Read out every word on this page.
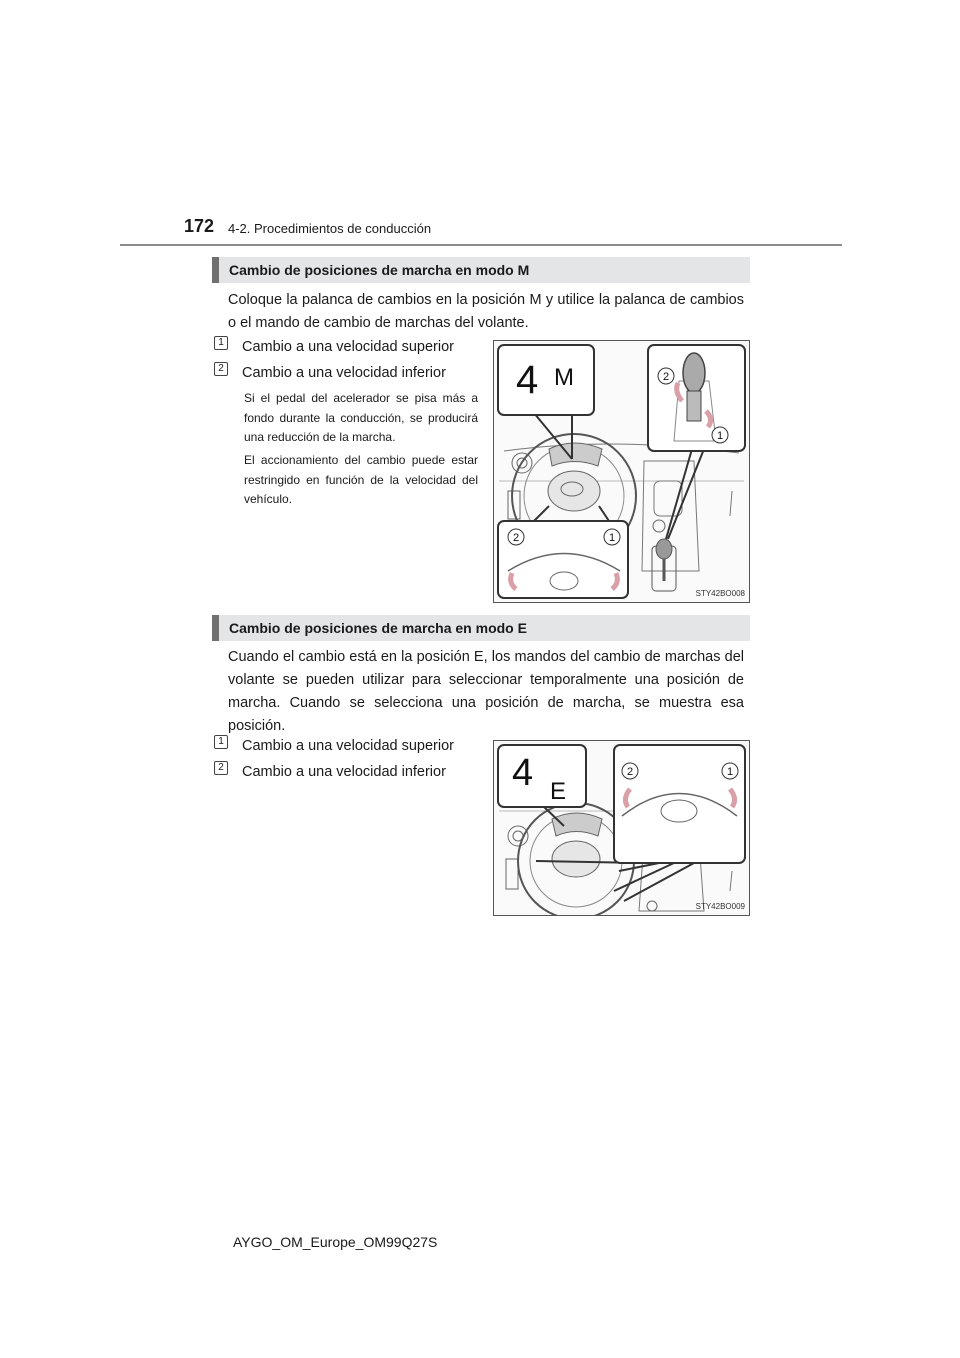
172 4-2. Procedimientos de conducción
Cambio de posiciones de marcha en modo M

Coloque la palanca de cambios en la posición M y utilice la palanca de cambios o el mando de cambio de marchas del volante.

1 Cambio a una velocidad superior
2 Cambio a una velocidad inferior

Si el pedal del acelerador se pisa más a fondo durante la conducción, se producirá una reducción de la marcha.

El accionamiento del cambio puede estar restringido en función de la velocidad del vehículo.

4 M	2
1
2	1
STY42BO008
Cambio de posiciones de marcha en modo E

Cuando el cambio está en la posición E, los mandos del cambio de marchas del volante se pueden utilizar para seleccionar temporalmente una posición de marcha. Cuando se selecciona una posición de marcha, se muestra esa posición.

1 Cambio a una velocidad superior
2 Cambio a una velocidad inferior 4 E
2	1
STY42BO009
AYGO_OM_Europe_OM99Q27S
